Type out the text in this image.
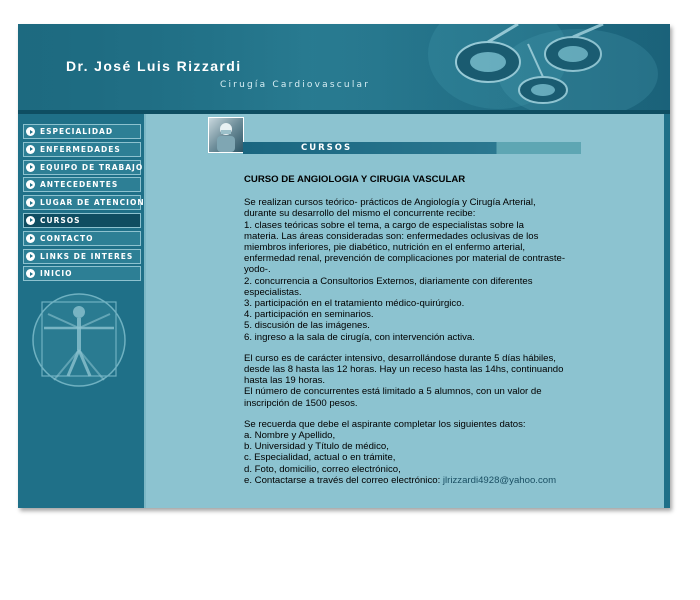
Dr. José Luis Rizzardi
Cirugía Cardiovascular
ESPECIALIDAD
ENFERMEDADES
EQUIPO DE TRABAJO
ANTECEDENTES
LUGAR DE ATENCION
CURSOS
CONTACTO
LINKS DE INTERES
INICIO
CURSOS

CURSO DE ANGIOLOGIA Y CIRUGIA VASCULAR

Se realizan cursos teórico- prácticos de Angiología y Cirugía Arterial,
durante su desarrollo del mismo el concurrente recibe:
1. clases teóricas sobre el tema, a cargo de especialistas sobre la
materia. Las áreas consideradas son: enfermedades oclusivas de los
miembros inferiores, pie diabético, nutrición en el enfermo arterial,
enfermedad renal, prevención de complicaciones por material de contraste-
yodo-.
2. concurrencia a Consultorios Externos, diariamente con diferentes
especialistas.
3. participación en el tratamiento médico-quirúrgico.
4. participación en seminarios.
5. discusión de las imágenes.
6. ingreso a la sala de cirugía, con intervención activa.
El curso es de carácter intensivo, desarrollándose durante 5 días hábiles,
desde las 8 hasta las 12 horas. Hay un receso hasta las 14hs, continuando
hasta las 19 horas.
El número de concurrentes está limitado a 5 alumnos, con un valor de
inscripción de 1500 pesos.
Se recuerda que debe el aspirante completar los siguientes datos:
a. Nombre y Apellido,
b. Universidad y Título de médico,
c. Especialidad, actual o en trámite,
d. Foto, domicilio, correo electrónico,
e. Contactarse a través del correo electrónico: jlrizzardi4928@yahoo.com
